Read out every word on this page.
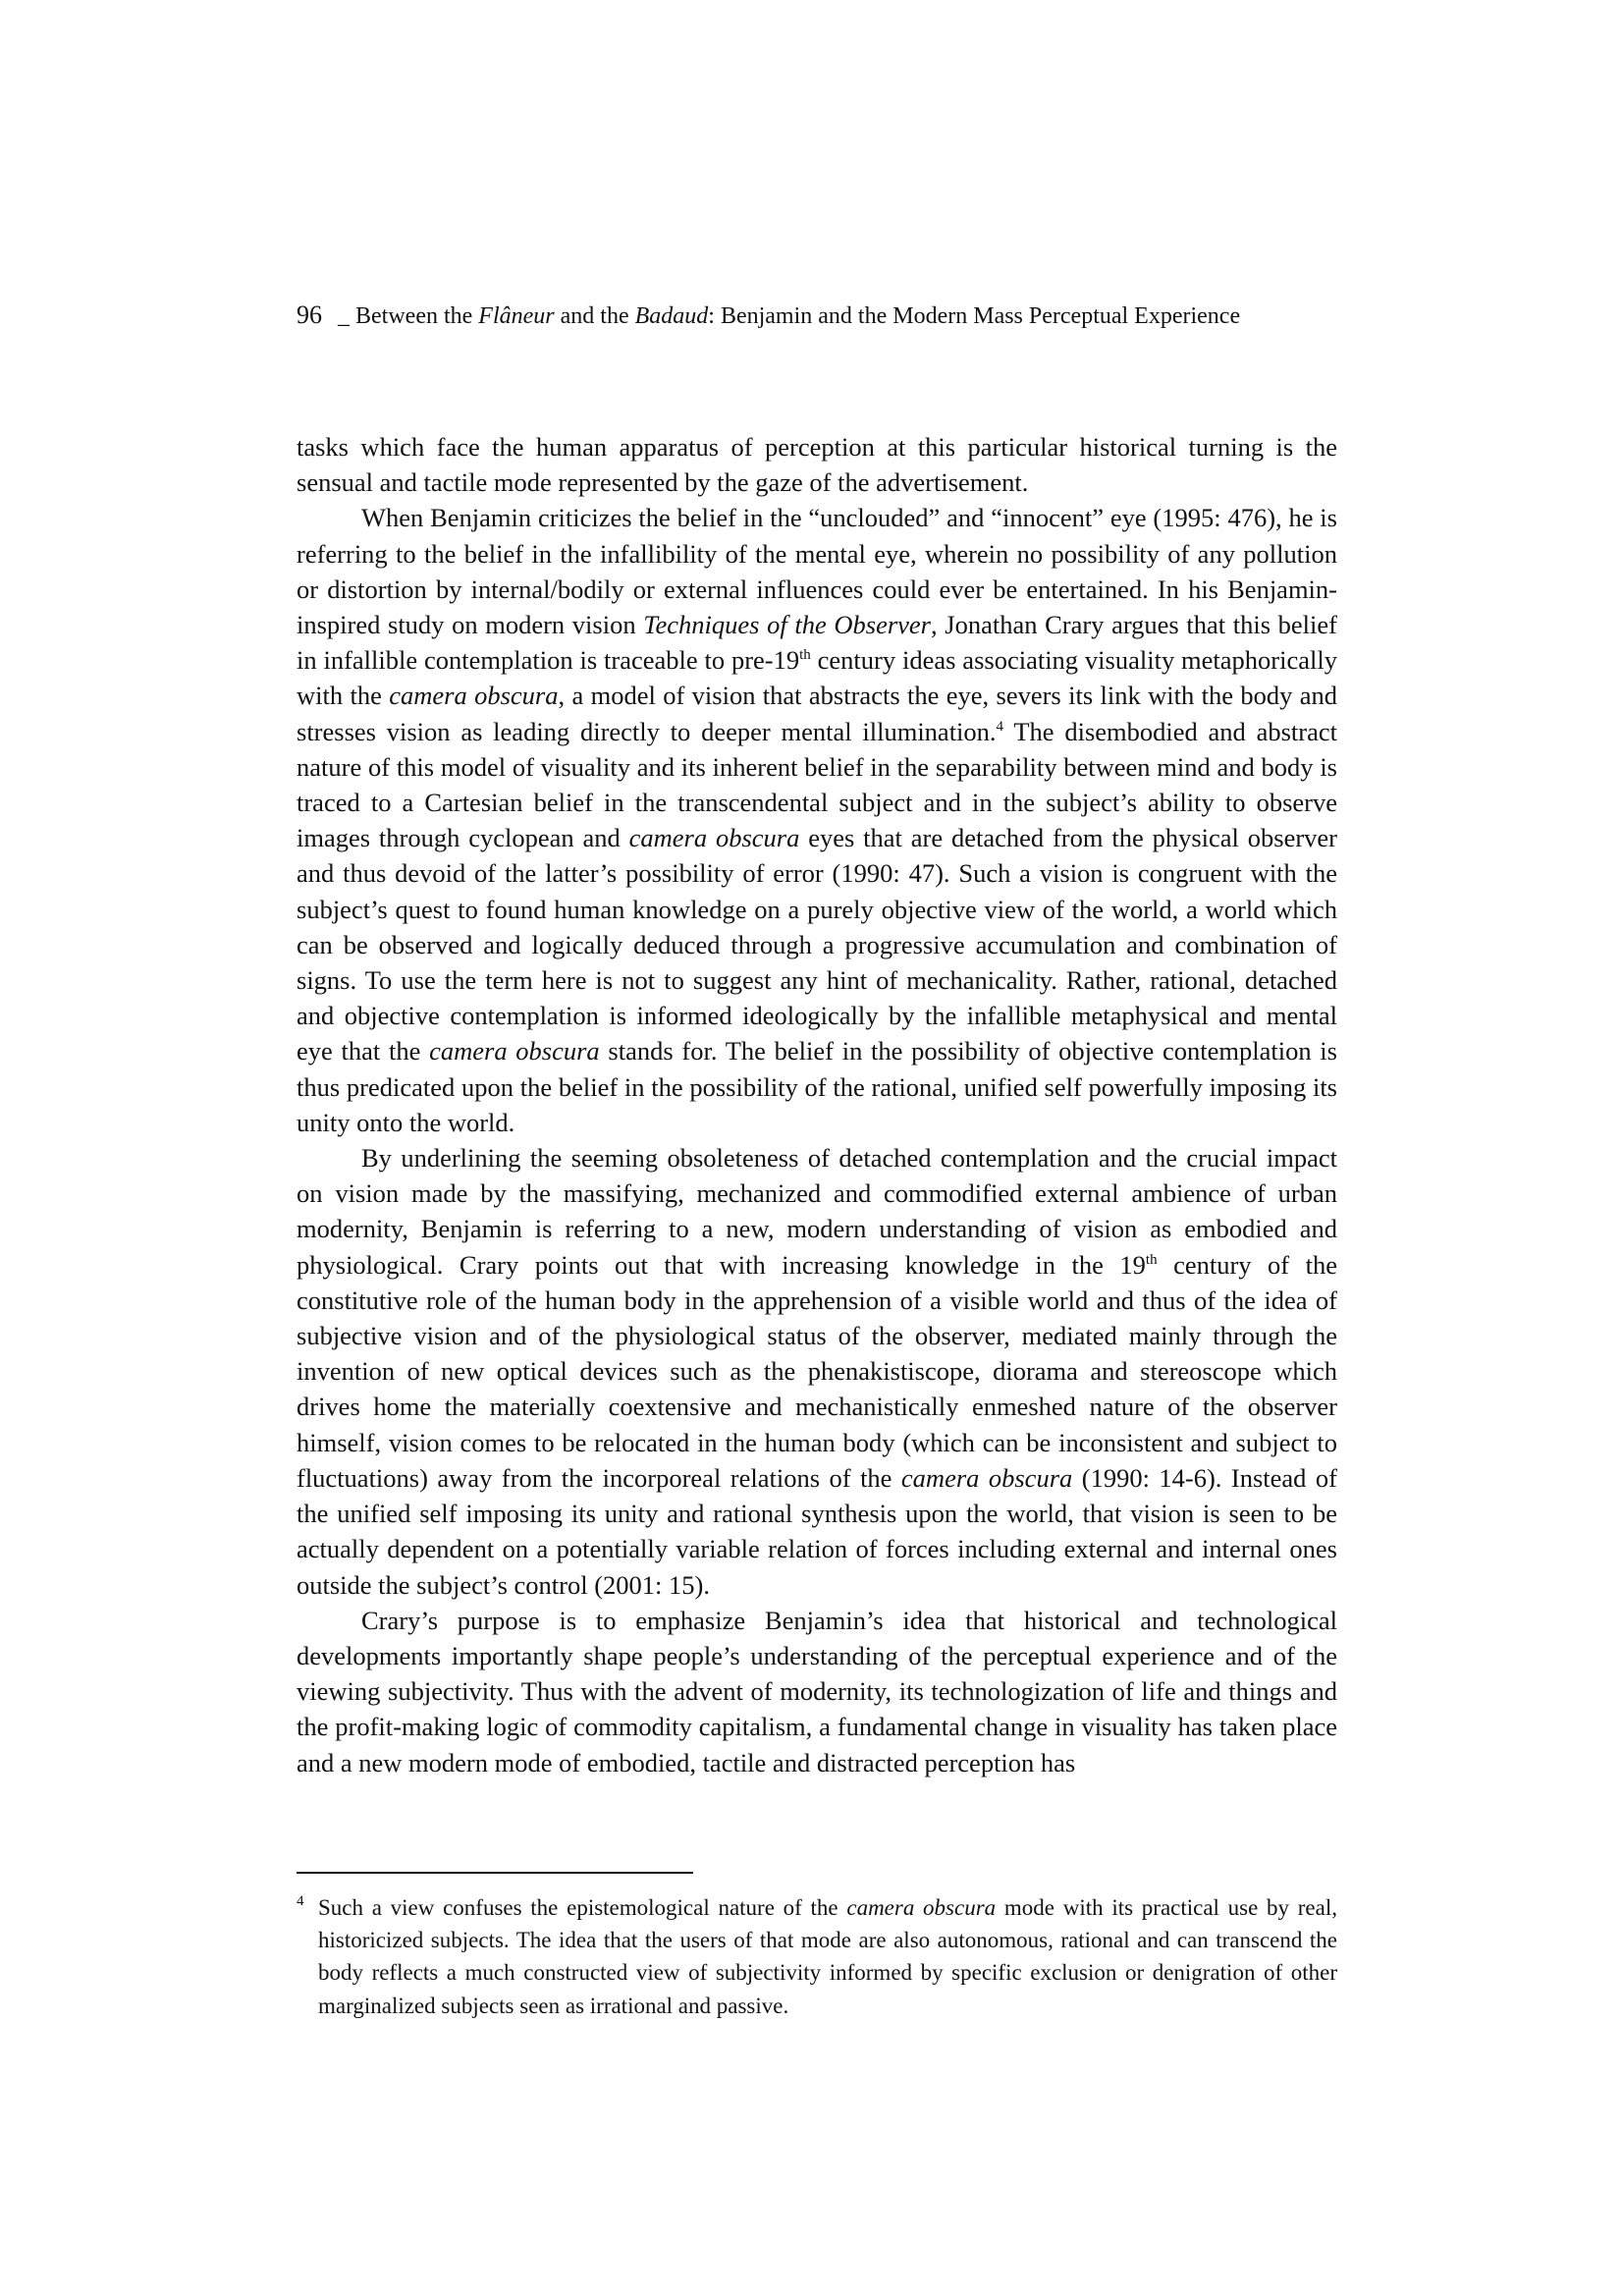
96 _ Between the Flâneur and the Badaud: Benjamin and the Modern Mass Perceptual Experience

tasks which face the human apparatus of perception at this particular historical turning is the sensual and tactile mode represented by the gaze of the advertisement.

When Benjamin criticizes the belief in the “unclouded” and “innocent” eye (1995: 476), he is referring to the belief in the infallibility of the mental eye, wherein no possibility of any pollution or distortion by internal/bodily or external influences could ever be entertained. In his Benjamin-inspired study on modern vision Techniques of the Observer, Jonathan Crary argues that this belief in infallible contemplation is traceable to pre-19th century ideas associating visuality metaphorically with the camera obscura, a model of vision that abstracts the eye, severs its link with the body and stresses vision as leading directly to deeper mental illumination.$^4$ The disembodied and abstract nature of this model of visuality and its inherent belief in the separability between mind and body is traced to a Cartesian belief in the transcendental subject and in the subject’s ability to observe images through cyclopean and camera obscura eyes that are detached from the physical observer and thus devoid of the latter’s possibility of error (1990: 47). Such a vision is congruent with the subject’s quest to found human knowledge on a purely objective view of the world, a world which can be observed and logically deduced through a progressive accumulation and combination of signs. To use the term here is not to suggest any hint of mechanicality. Rather, rational, detached and objective contemplation is informed ideologically by the infallible metaphysical and mental eye that the camera obscura stands for. The belief in the possibility of objective contemplation is thus predicated upon the belief in the possibility of the rational, unified self powerfully imposing its unity onto the world.

By underlining the seeming obsoleteness of detached contemplation and the crucial impact on vision made by the massifying, mechanized and commodified external ambience of urban modernity, Benjamin is referring to a new, modern understanding of vision as embodied and physiological. Crary points out that with increasing knowledge in the 19th century of the constitutive role of the human body in the apprehension of a visible world and thus of the idea of subjective vision and of the physiological status of the observer, mediated mainly through the invention of new optical devices such as the phenakistiscope, diorama and stereoscope which drives home the materially coextensive and mechanistically enmeshed nature of the observer himself, vision comes to be relocated in the human body (which can be inconsistent and subject to fluctuations) away from the incorporeal relations of the camera obscura (1990: 14-6). Instead of the unified self imposing its unity and rational synthesis upon the world, that vision is seen to be actually dependent on a potentially variable relation of forces including external and internal ones outside the subject’s control (2001: 15).

Crary’s purpose is to emphasize Benjamin’s idea that historical and technological developments importantly shape people’s understanding of the perceptual experience and of the viewing subjectivity. Thus with the advent of modernity, its technologization of life and things and the profit-making logic of commodity capitalism, a fundamental change in visuality has taken place and a new modern mode of embodied, tactile and distracted perception has

4 Such a view confuses the epistemological nature of the camera obscura mode with its practical use by real, historicized subjects. The idea that the users of that mode are also autonomous, rational and can transcend the body reflects a much constructed view of subjectivity informed by specific exclusion or denigration of other marginalized subjects seen as irrational and passive.
